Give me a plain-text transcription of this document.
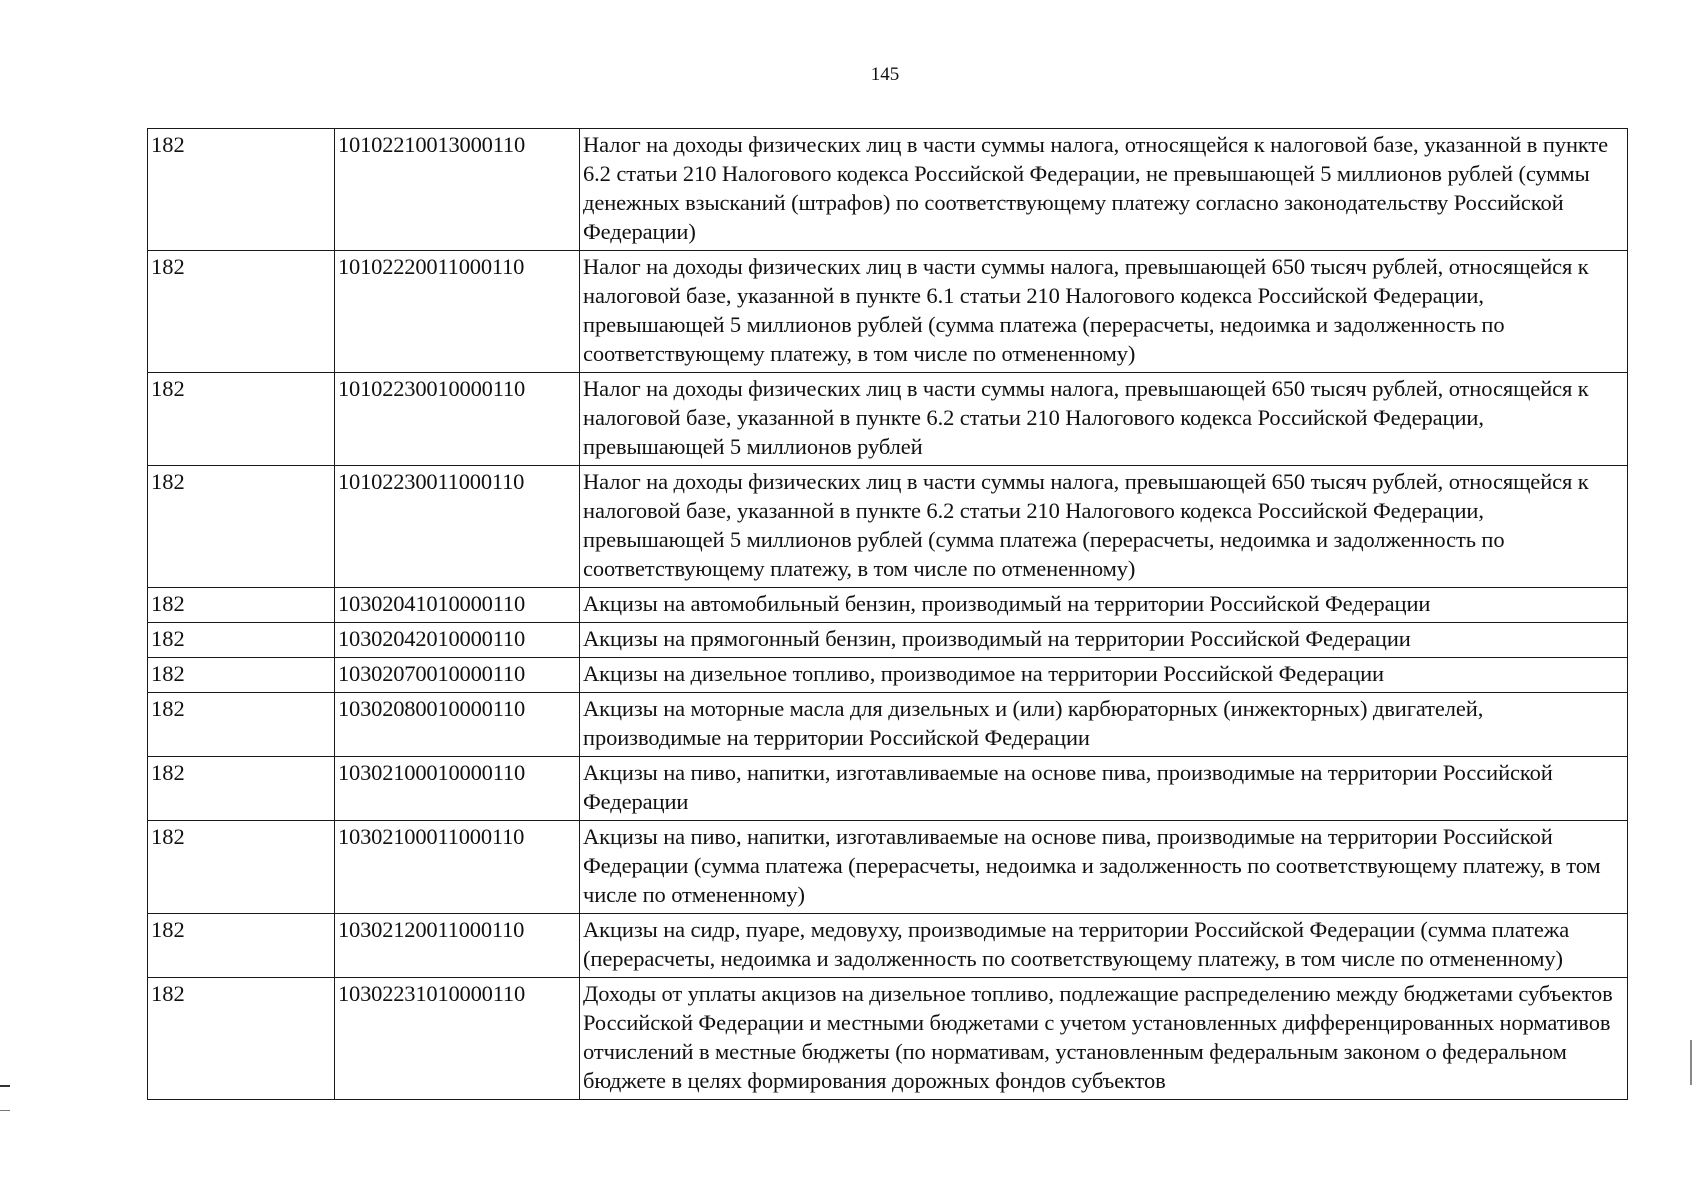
145
182	10102210013000110	Налог на доходы физических лиц в части суммы налога, относящейся к налоговой базе, указанной в пункте 6.2 статьи 210 Налогового кодекса Российской Федерации, не превышающей 5 миллионов рублей (суммы денежных взысканий (штрафов) по соответствующему платежу согласно законодательству Российской Федерации)
182	10102220011000110	Налог на доходы физических лиц в части суммы налога, превышающей 650 тысяч рублей, относящейся к налоговой базе, указанной в пункте 6.1 статьи 210 Налогового кодекса Российской Федерации, превышающей 5 миллионов рублей (сумма платежа (перерасчеты, недоимка и задолженность по соответствующему платежу, в том числе по отмененному)
182	10102230010000110	Налог на доходы физических лиц в части суммы налога, превышающей 650 тысяч рублей, относящейся к налоговой базе, указанной в пункте 6.2 статьи 210 Налогового кодекса Российской Федерации, превышающей 5 миллионов рублей
182	10102230011000110	Налог на доходы физических лиц в части суммы налога, превышающей 650 тысяч рублей, относящейся к налоговой базе, указанной в пункте 6.2 статьи 210 Налогового кодекса Российской Федерации, превышающей 5 миллионов рублей (сумма платежа (перерасчеты, недоимка и задолженность по соответствующему платежу, в том числе по отмененному)
182	10302041010000110	Акцизы на автомобильный бензин, производимый на территории Российской Федерации
182	10302042010000110	Акцизы на прямогонный бензин, производимый на территории Российской Федерации
182	10302070010000110	Акцизы на дизельное топливо, производимое на территории Российской Федерации
182	10302080010000110	Акцизы на моторные масла для дизельных и (или) карбюраторных (инжекторных) двигателей, производимые на территории Российской Федерации
182	10302100010000110	Акцизы на пиво, напитки, изготавливаемые на основе пива, производимые на территории Российской Федерации
182	10302100011000110	Акцизы на пиво, напитки, изготавливаемые на основе пива, производимые на территории Российской Федерации (сумма платежа (перерасчеты, недоимка и задолженность по соответствующему платежу, в том числе по отмененному)
182	10302120011000110	Акцизы на сидр, пуаре, медовуху, производимые на территории Российской Федерации (сумма платежа (перерасчеты, недоимка и задолженность по соответствующему платежу, в том числе по отмененному)
182	10302231010000110	Доходы от уплаты акцизов на дизельное топливо, подлежащие распределению между бюджетами субъектов Российской Федерации и местными бюджетами с учетом установленных дифференцированных нормативов отчислений в местные бюджеты (по нормативам, установленным федеральным законом о федеральном бюджете в целях формирования дорожных фондов субъектов
